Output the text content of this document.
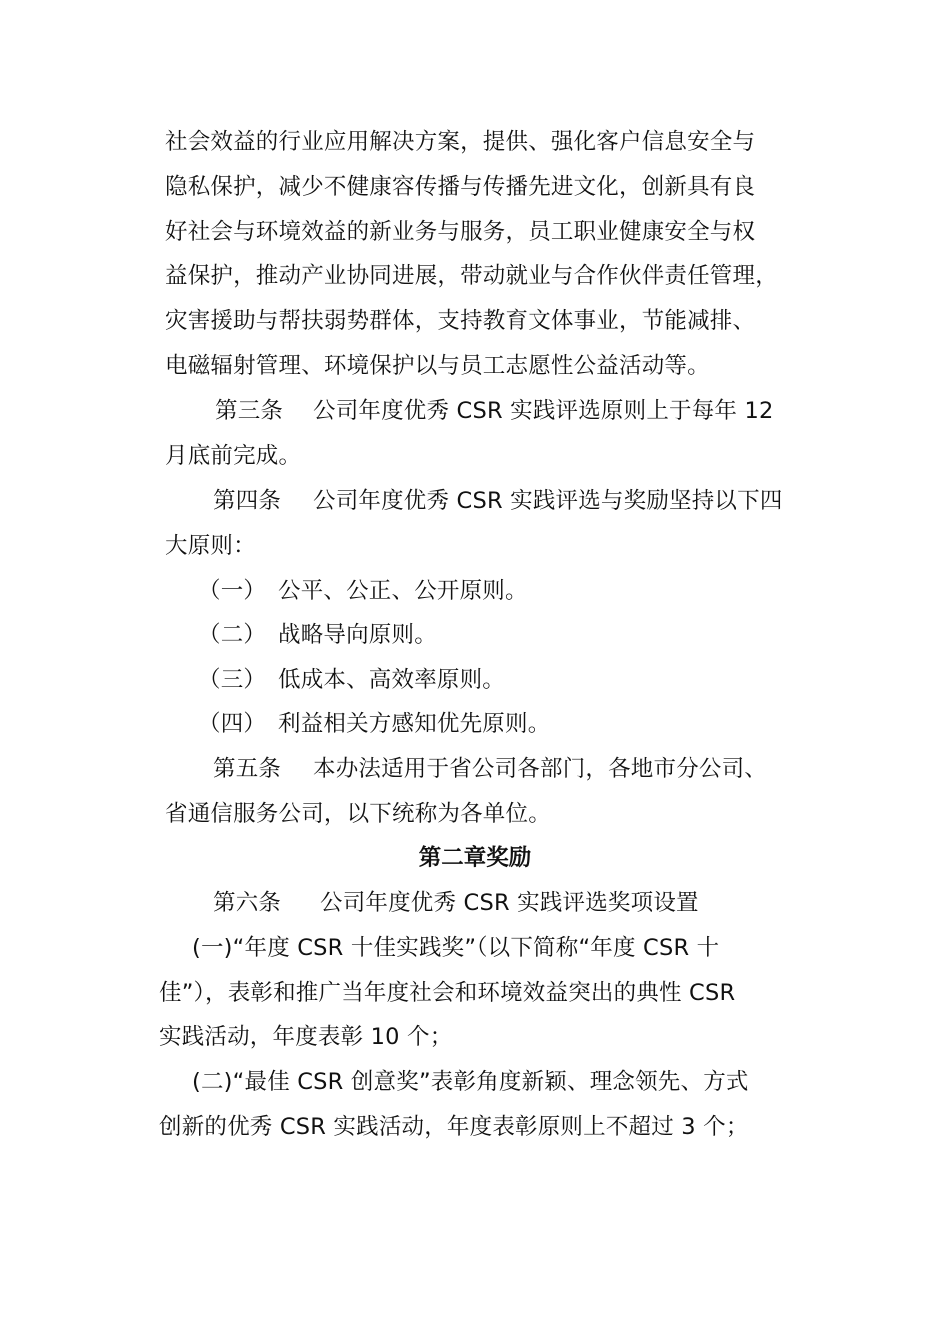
社会效益的行业应用解决方案，提供、强化客户信息安全与
隐私保护，减少不健康容传播与传播先进文化，创新具有良
好社会与环境效益的新业务与服务，员工职业健康安全与权
益保护，推动产业协同进展，带动就业与合作伙伴责任管理，
灾害援助与帮扶弱势群体，支持教育文体事业，节能减排、
电磁辐射管理、环境保护以与员工志愿性公益活动等。
第三条 公司年度优秀 CSR 实践评选原则上于每年 12
月底前完成。
第四条 公司年度优秀 CSR 实践评选与奖励坚持以下四
大原则：
（一） 公平、公正、公开原则。
（二） 战略导向原则。
（三） 低成本、高效率原则。
（四） 利益相关方感知优先原则。
第五条 本办法适用于省公司各部门，各地市分公司、
省通信服务公司，以下统称为各单位。
第二章奖励
第六条 公司年度优秀 CSR 实践评选奖项设置
(一)“年度 CSR 十佳实践奖”（以下简称“年度 CSR 十
佳”），表彰和推广当年度社会和环境效益突出的典性 CSR
实践活动，年度表彰 10 个；
(二)“最佳 CSR 创意奖”表彰角度新颖、理念领先、方式
创新的优秀 CSR 实践活动，年度表彰原则上不超过 3 个；
